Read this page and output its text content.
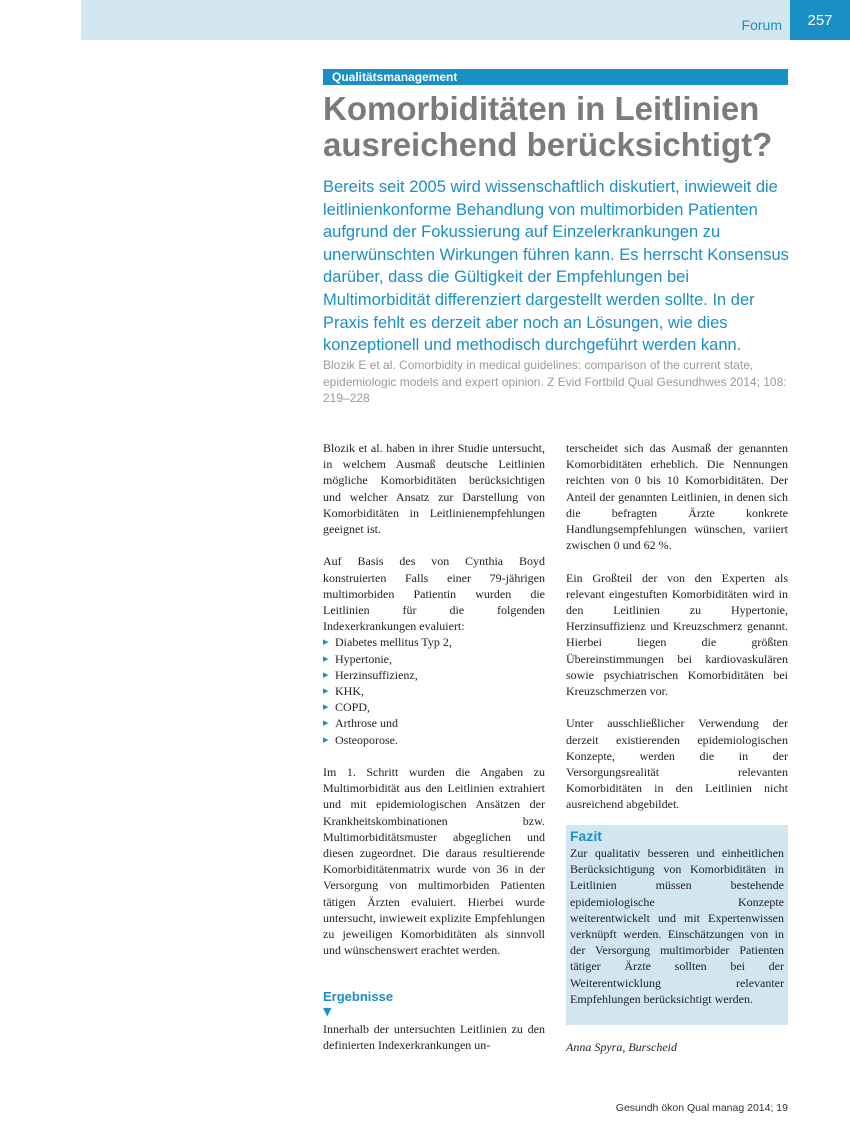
Forum	257
Qualitätsmanagement
Komorbiditäten in Leitlinien ausreichend berücksichtigt?

Bereits seit 2005 wird wissenschaftlich diskutiert, inwieweit die leitlinienkonforme Behandlung von multimorbiden Patienten aufgrund der Fokussierung auf Einzelerkrankungen zu unerwünschten Wirkungen führen kann. Es herrscht Konsensus darüber, dass die Gültigkeit der Empfehlungen bei Multimorbidität differenziert dargestellt werden sollte. In der Praxis fehlt es derzeit aber noch an Lösungen, wie dies konzeptionell und methodisch durchgeführt werden kann.

Blozik E et al. Comorbidity in medical guidelines: comparison of the current state, epidemiologic models and expert opinion. Z Evid Fortbild Qual Gesundhwes 2014; 108: 219–228

Blozik et al. haben in ihrer Studie untersucht, in welchem Ausmaß deutsche Leitlinien mögliche Komorbiditäten berücksichtigen und welcher Ansatz zur Darstellung von Komorbiditäten in Leitlinienempfehlungen geeignet ist.

Auf Basis des von Cynthia Boyd konstruierten Falls einer 79-jährigen multimorbiden Patientin wurden die Leitlinien für die folgenden Indexerkrankungen evaluiert:

▸ Diabetes mellitus Typ 2,
▸ Hypertonie,
▸ Herzinsuffizienz,
▸ KHK,
▸ COPD,
▸ Arthrose und
▸ Osteoporose.

Im 1. Schritt wurden die Angaben zu Multimorbidität aus den Leitlinien extrahiert und mit epidemiologischen Ansätzen der Krankheitskombinationen bzw. Multimorbiditätsmuster abgeglichen und diesen zugeordnet. Die daraus resultierende Komorbiditätenmatrix wurde von 36 in der Versorgung von multimorbiden Patienten tätigen Ärzten evaluiert. Hierbei wurde untersucht, inwieweit explizite Empfehlungen zu jeweiligen Komorbiditäten als sinnvoll und wünschenswert erachtet werden.

Ergebnisse
▼

Innerhalb der untersuchten Leitlinien zu den definierten Indexerkrankungen un-

terscheidet sich das Ausmaß der genannten Komorbiditäten erheblich. Die Nennungen reichten von 0 bis 10 Komorbiditäten. Der Anteil der genannten Leitlinien, in denen sich die befragten Ärzte konkrete Handlungsempfehlungen wünschen, variiert zwischen 0 und 62 %.

Ein Großteil der von den Experten als relevant eingestuften Komorbiditäten wird in den Leitlinien zu Hypertonie, Herzinsuffizienz und Kreuzschmerz genannt. Hierbei liegen die größten Übereinstimmungen bei kardiovaskulären sowie psychiatrischen Komorbiditäten bei Kreuzschmerzen vor.

Unter ausschließlicher Verwendung der derzeit existierenden epidemiologischen Konzepte, werden die in der Versorgungsrealität relevanten Komorbiditäten in den Leitlinien nicht ausreichend abgebildet.

Fazit

Zur qualitativ besseren und einheitlichen Berücksichtigung von Komorbiditäten in Leitlinien müssen bestehende epidemiologische Konzepte weiterentwickelt und mit Expertenwissen verknüpft werden. Einschätzungen von in der Versorgung multimorbider Patienten tätiger Ärzte sollten bei der Weiterentwicklung relevanter Empfehlungen berücksichtigt werden.

Anna Spyra, Burscheid
Gesundh ökon Qual manag 2014; 19
